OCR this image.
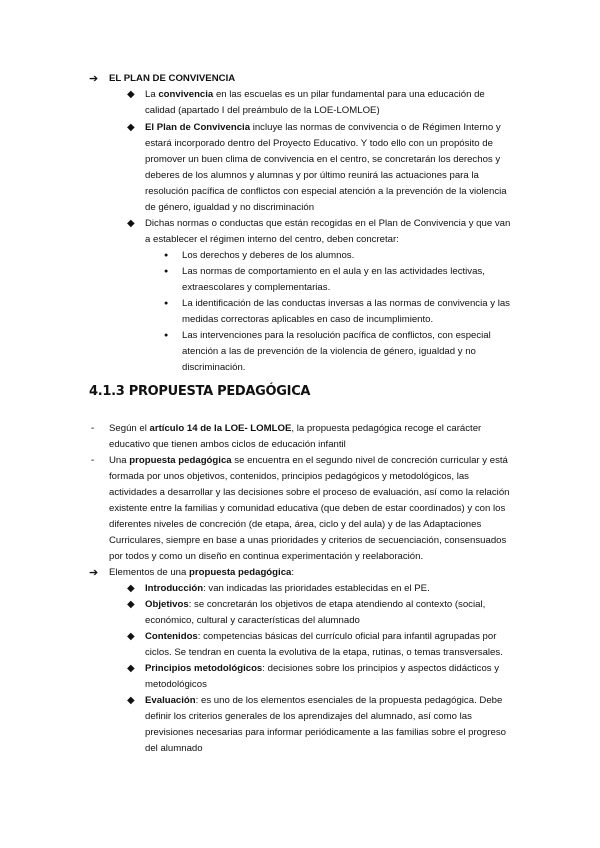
➔ EL PLAN DE CONVIVENCIA
◆ La convivencia en las escuelas es un pilar fundamental para una educación de
calidad (apartado I del preámbulo de la LOE-LOMLOE)
◆ El Plan de Convivencia incluye las normas de convivencia o de Régimen Interno y
estará incorporado dentro del Proyecto Educativo. Y todo ello con un propósito de
promover un buen clima de convivencia en el centro, se concretarán los derechos y
deberes de los alumnos y alumnas y por último reunirá las actuaciones para la
resolución pacífica de conflictos con especial atención a la prevención de la violencia
de género, igualdad y no discriminación
◆ Dichas normas o conductas que están recogidas en el Plan de Convivencia y que van
a establecer el régimen interno del centro, deben concretar:
● Los derechos y deberes de los alumnos.
● Las normas de comportamiento en el aula y en las actividades lectivas,
extraescolares y complementarias.
● La identificación de las conductas inversas a las normas de convivencia y las
medidas correctoras aplicables en caso de incumplimiento.
● Las intervenciones para la resolución pacífica de conflictos, con especial
atención a las de prevención de la violencia de género, igualdad y no
discriminación.
4.1.3 PROPUESTA PEDAGÓGICA
- Según el artículo 14 de la LOE- LOMLOE, la propuesta pedagógica recoge el carácter
educativo que tienen ambos ciclos de educación infantil
- Una propuesta pedagógica se encuentra en el segundo nivel de concreción curricular y está
formada por unos objetivos, contenidos, principios pedagógicos y metodológicos, las
actividades a desarrollar y las decisiones sobre el proceso de evaluación, así como la relación
existente entre la familias y comunidad educativa (que deben de estar coordinados) y con los
diferentes niveles de concreción (de etapa, área, ciclo y del aula) y de las Adaptaciones
Curriculares, siempre en base a unas prioridades y criterios de secuenciación, consensuados
por todos y como un diseño en continua experimentación y reelaboración.
➔ Elementos de una propuesta pedagógica:
◆ Introducción: van indicadas las prioridades establecidas en el PE.
◆ Objetivos: se concretarán los objetivos de etapa atendiendo al contexto (social,
económico, cultural y características del alumnado
◆ Contenidos: competencias básicas del currículo oficial para infantil agrupadas por
ciclos. Se tendran en cuenta la evolutiva de la etapa, rutinas, o temas transversales.
◆ Principios metodológicos: decisiones sobre los principios y aspectos didácticos y
metodológicos
◆ Evaluación: es uno de los elementos esenciales de la propuesta pedagógica. Debe
definir los criterios generales de los aprendizajes del alumnado, así como las
previsiones necesarias para informar periódicamente a las familias sobre el progreso
del alumnado
